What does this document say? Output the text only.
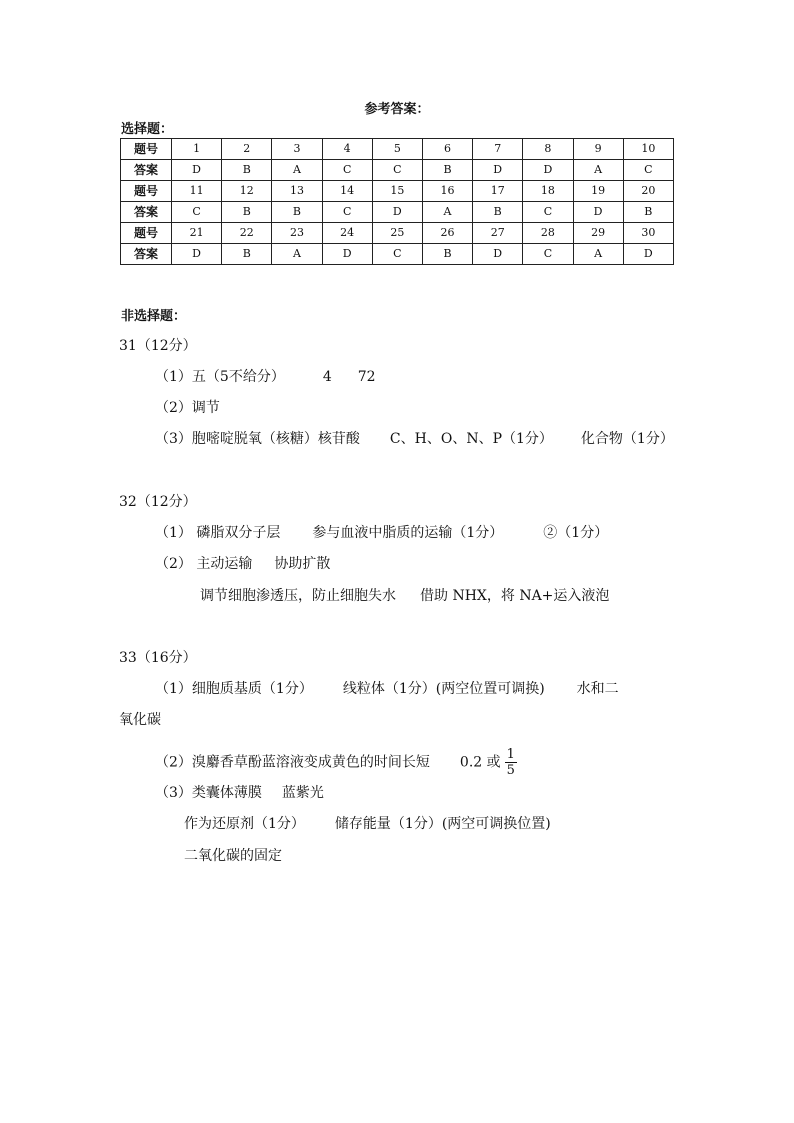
参考答案：
选择题：
题号	1	2	3	4	5	6	7	8	9	10
答案	D	B	A	C	C	B	D	D	A	C
题号	11	12	13	14	15	16	17	18	19	20
答案	C	B	B	C	D	A	B	C	D	B
题号	21	22	23	24	25	26	27	28	29	30
答案	D	B	A	D	C	B	D	C	A	D
非选择题：
31（12分）
（1）五（5不给分）	4 72
（2）调节
（3）胞嘧啶脱氧（核糖）核苷酸 C、H、O、N、P（1分） 化合物（1分）
32（12分）
（1） 磷脂双分子层 参与血液中脂质的运输（1分）	②（1分）
（2） 主动运输 协助扩散
调节细胞渗透压，防止细胞失水 借助 NHX，将 NA+运入液泡
33（16分）
（1）细胞质基质（1分） 线粒体（1分）(两空位置可调换) 水和二
氧化碳
（2）溴麝香草酚蓝溶液变成黄色的时间长短 0.2 或 $\frac{1}{5}$
（3）类囊体薄膜 蓝紫光
作为还原剂（1分） 储存能量（1分）(两空可调换位置)
二氧化碳的固定
